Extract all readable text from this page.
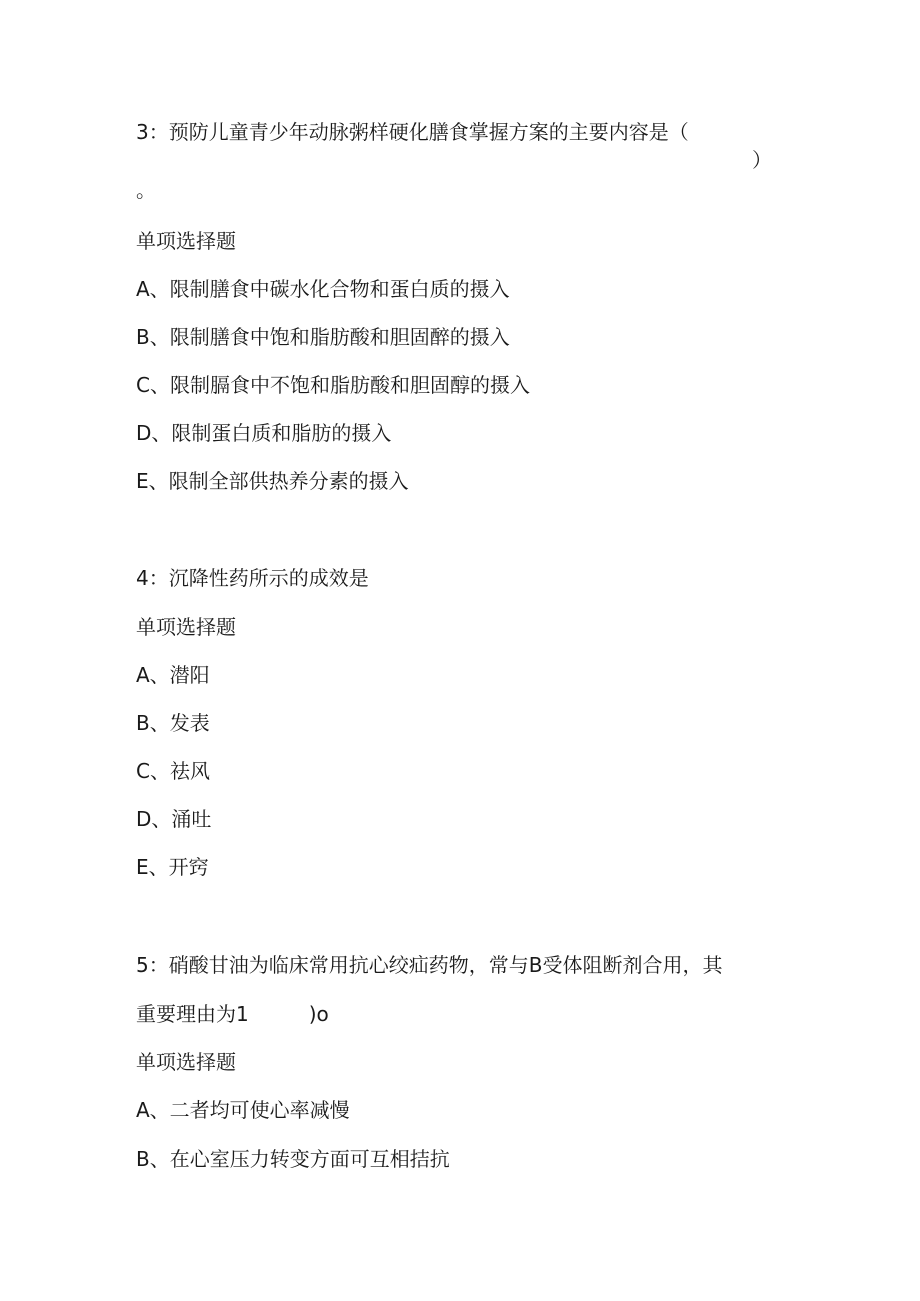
3：预防儿童青少年动脉粥样硬化膳食掌握方案的主要内容是（
）
。
单项选择题
A、限制膳食中碳水化合物和蛋白质的摄入
B、限制膳食中饱和脂肪酸和胆固醉的摄入
C、限制膈食中不饱和脂肪酸和胆固醇的摄入
D、限制蛋白质和脂肪的摄入
E、限制全部供热养分素的摄入
4：沉降性药所示的成效是
单项选择题
A、潜阳
B、发表
C、祛风
D、涌吐
E、开窍
5：硝酸甘油为临床常用抗心绞疝药物，常与B受体阻断剂合用，其
重要理由为1　　　)o
单项选择题
A、二者均可使心率减慢
B、在心室压力转变方面可互相拮抗
